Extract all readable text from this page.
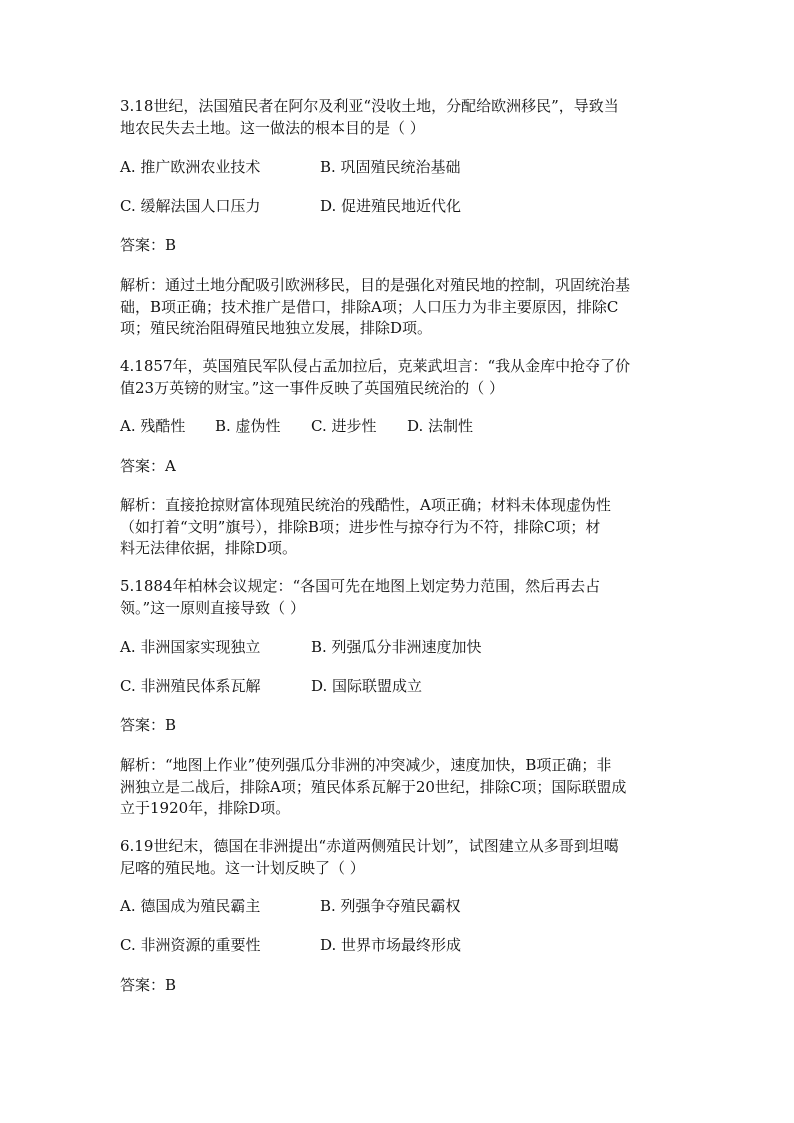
3.18世纪，法国殖民者在阿尔及利亚“没收土地，分配给欧洲移民”，导致当
地农民失去土地。这一做法的根本目的是（ ）
A. 推广欧洲农业技术	B. 巩固殖民统治基础
C. 缓解法国人口压力	D. 促进殖民地近代化
答案：B
解析：通过土地分配吸引欧洲移民，目的是强化对殖民地的控制，巩固统治基
础，B项正确；技术推广是借口，排除A项；人口压力为非主要原因，排除C
项；殖民统治阻碍殖民地独立发展，排除D项。
4.1857年，英国殖民军队侵占孟加拉后，克莱武坦言：“我从金库中抢夺了价
值23万英镑的财宝。”这一事件反映了英国殖民统治的（ ）
A. 残酷性 B. 虚伪性 C. 进步性 D. 法制性
答案：A
解析：直接抢掠财富体现殖民统治的残酷性，A项正确；材料未体现虚伪性
（如打着“文明”旗号），排除B项；进步性与掠夺行为不符，排除C项；材
料无法律依据，排除D项。
5.1884年柏林会议规定：“各国可先在地图上划定势力范围，然后再去占
领。”这一原则直接导致（ ）
A. 非洲国家实现独立	B. 列强瓜分非洲速度加快
C. 非洲殖民体系瓦解	D. 国际联盟成立
答案：B
解析：“地图上作业”使列强瓜分非洲的冲突减少，速度加快，B项正确；非
洲独立是二战后，排除A项；殖民体系瓦解于20世纪，排除C项；国际联盟成
立于1920年，排除D项。
6.19世纪末，德国在非洲提出“赤道两侧殖民计划”，试图建立从多哥到坦噶
尼喀的殖民地。这一计划反映了（ ）
A. 德国成为殖民霸主	B. 列强争夺殖民霸权
C. 非洲资源的重要性	D. 世界市场最终形成
答案：B
